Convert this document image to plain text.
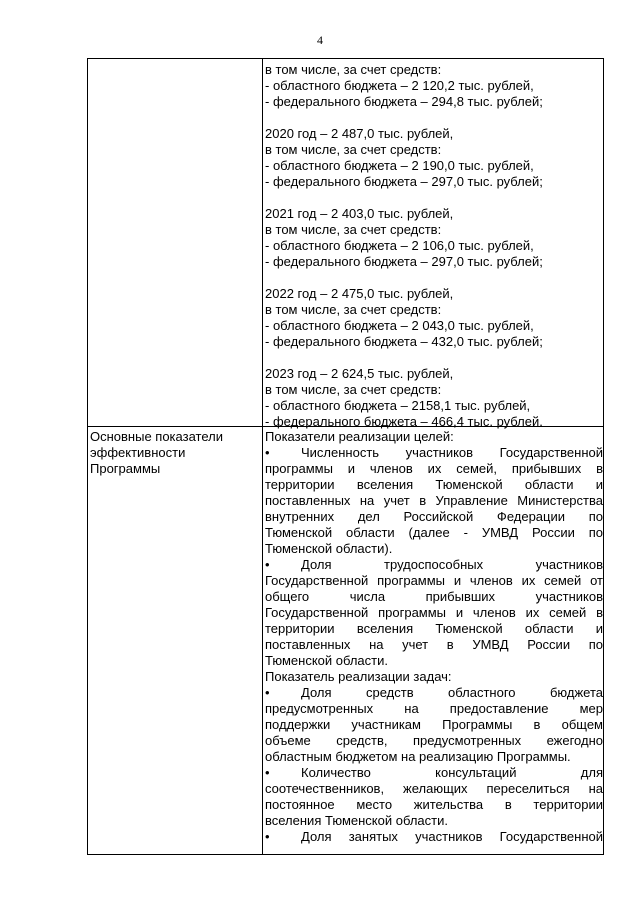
4
в том числе, за счет средств:
- областного бюджета – 2 120,2 тыс. рублей,
- федерального бюджета – 294,8 тыс. рублей;
2020 год – 2 487,0 тыс. рублей,
в том числе, за счет средств:
- областного бюджета – 2 190,0 тыс. рублей,
- федерального бюджета – 297,0 тыс. рублей;
2021 год – 2 403,0 тыс. рублей,
в том числе, за счет средств:
- областного бюджета – 2 106,0 тыс. рублей,
- федерального бюджета – 297,0 тыс. рублей;
2022 год – 2 475,0 тыс. рублей,
в том числе, за счет средств:
- областного бюджета – 2 043,0 тыс. рублей,
- федерального бюджета – 432,0 тыс. рублей;
2023 год – 2 624,5 тыс. рублей,
в том числе, за счет средств:
- областного бюджета – 2158,1 тыс. рублей,
- федерального бюджета – 466,4 тыс. рублей.
Основные показатели
эффективности
Программы
Показатели реализации целей:
• Численность участников Государственной
программы и членов их семей, прибывших в
территории вселения Тюменской области и
поставленных на учет в Управление Министерства
внутренних дел Российской Федерации по
Тюменской области (далее - УМВД России по
Тюменской области).
• Доля трудоспособных участников
Государственной программы и членов их семей от
общего числа прибывших участников
Государственной программы и членов их семей в
территории вселения Тюменской области и
поставленных на учет в УМВД России по
Тюменской области.
Показатель реализации задач:
• Доля средств областного бюджета
предусмотренных на предоставление мер
поддержки участникам Программы в общем
объеме средств, предусмотренных ежегодно
областным бюджетом на реализацию Программы.
• Количество консультаций для
соотечественников, желающих переселиться на
постоянное место жительства в территории
вселения Тюменской области.
• Доля занятых участников Государственной
